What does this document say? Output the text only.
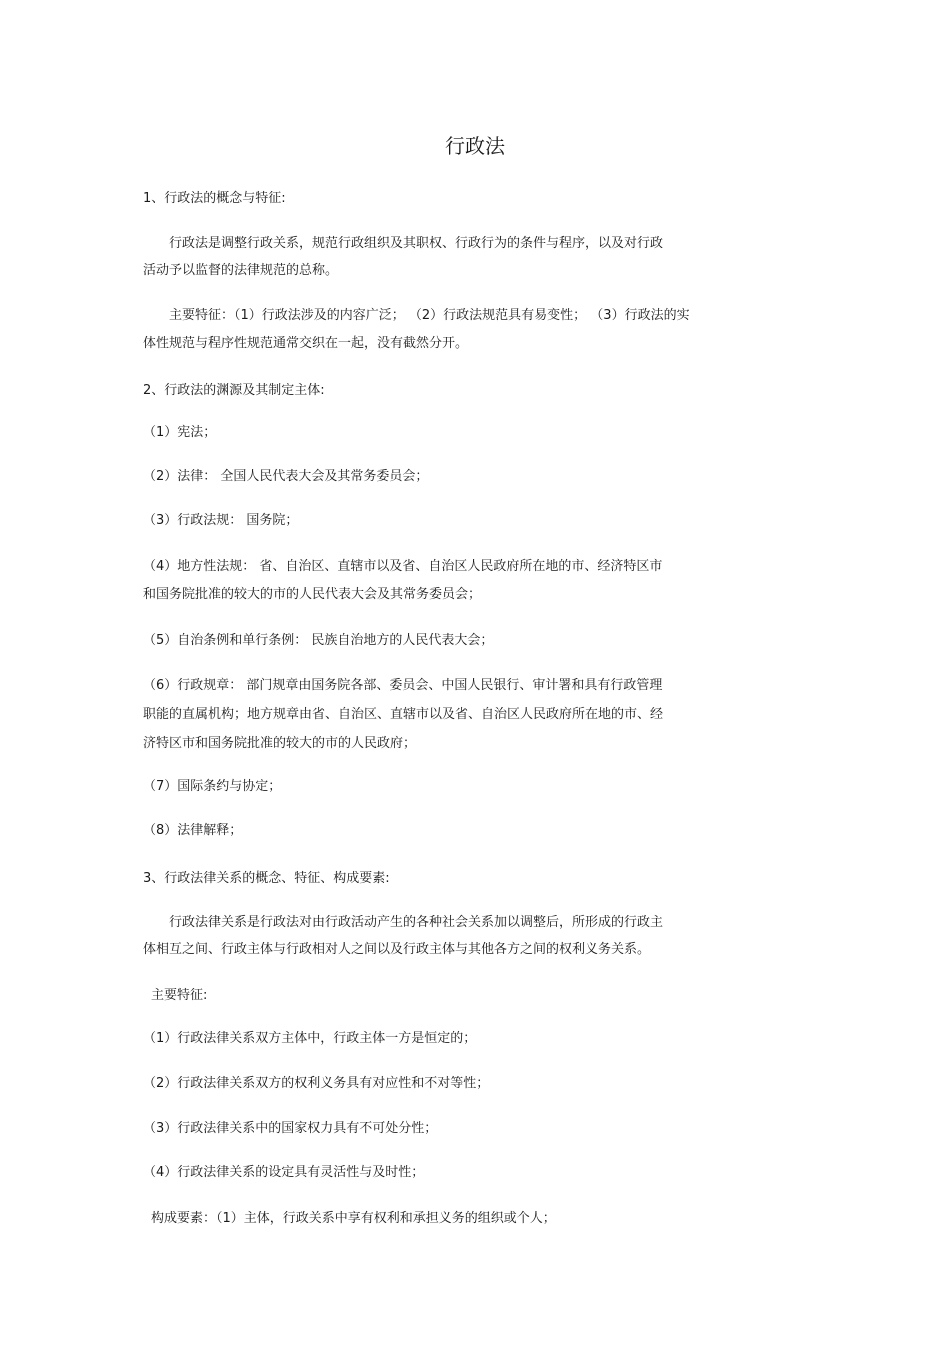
行政法
1、行政法的概念与特征:
行政法是调整行政关系，规范行政组织及其职权、行政行为的条件与程序，以及对行政
活动予以监督的法律规范的总称。
主要特征：（1）行政法涉及的内容广泛； （2）行政法规范具有易变性； （3）行政法的实
体性规范与程序性规范通常交织在一起，没有截然分开。
2、行政法的渊源及其制定主体:
（1）宪法；
（2）法律： 全国人民代表大会及其常务委员会；
（3）行政法规： 国务院；
（4）地方性法规： 省、自治区、直辖市以及省、自治区人民政府所在地的市、经济特区市
和国务院批准的较大的市的人民代表大会及其常务委员会；
（5）自治条例和单行条例： 民族自治地方的人民代表大会；
（6）行政规章： 部门规章由国务院各部、委员会、中国人民银行、审计署和具有行政管理
职能的直属机构；地方规章由省、自治区、直辖市以及省、自治区人民政府所在地的市、经
济特区市和国务院批准的较大的市的人民政府；
（7）国际条约与协定；
（8）法律解释；
3、行政法律关系的概念、特征、构成要素:
行政法律关系是行政法对由行政活动产生的各种社会关系加以调整后，所形成的行政主
体相互之间、行政主体与行政相对人之间以及行政主体与其他各方之间的权利义务关系。
主要特征:
（1）行政法律关系双方主体中，行政主体一方是恒定的；
（2）行政法律关系双方的权利义务具有对应性和不对等性；
（3）行政法律关系中的国家权力具有不可处分性；
（4）行政法律关系的设定具有灵活性与及时性；
构成要素：（1）主体，行政关系中享有权利和承担义务的组织或个人；
